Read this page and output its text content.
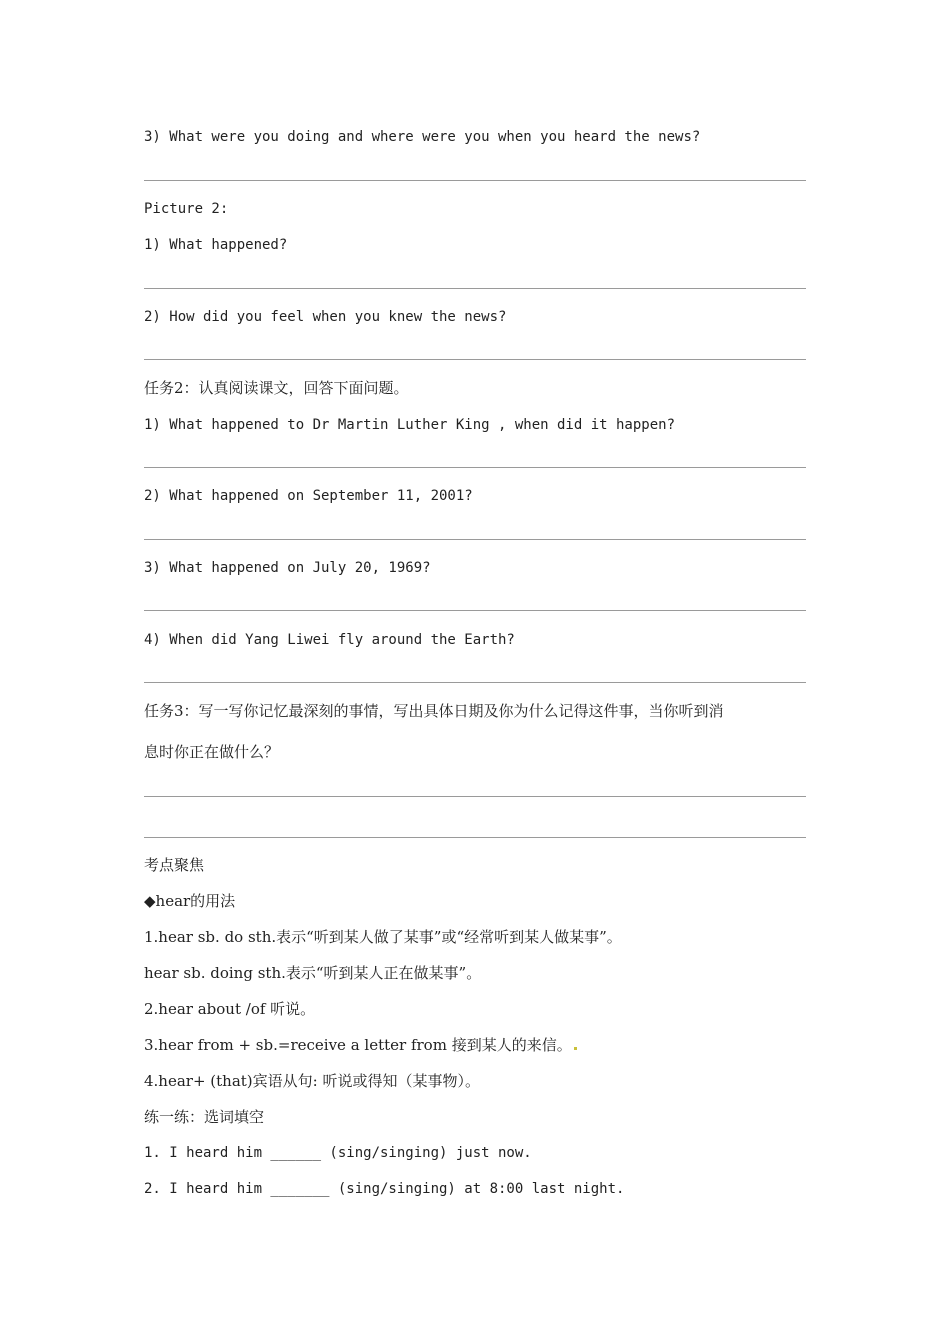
3) What were you doing and where were you when you heard the news?
Picture 2:
1) What happened?
2) How did you feel when you knew the news?
任务2：认真阅读课文，回答下面问题。
1) What happened to Dr Martin Luther King , when did it happen?
2) What happened on September 11, 2001?
3) What happened on July 20, 1969?
4) When did Yang Liwei fly around the Earth?
任务3：写一写你记忆最深刻的事情，写出具体日期及你为什么记得这件事，当你听到消
息时你正在做什么？
考点聚焦
◆hear的用法
1.hear sb. do sth.表示“听到某人做了某事”或“经常听到某人做某事”。
hear sb. doing sth.表示“听到某人正在做某事”。
2.hear about /of 听说。
3.hear from + sb.=receive a letter from 接到某人的来信。
4.hear+ (that)宾语从句: 听说或得知（某事物）。
练一练：选词填空
1. I heard him ______ (sing/singing) just now.
2. I heard him _______ (sing/singing) at 8:00 last night.
